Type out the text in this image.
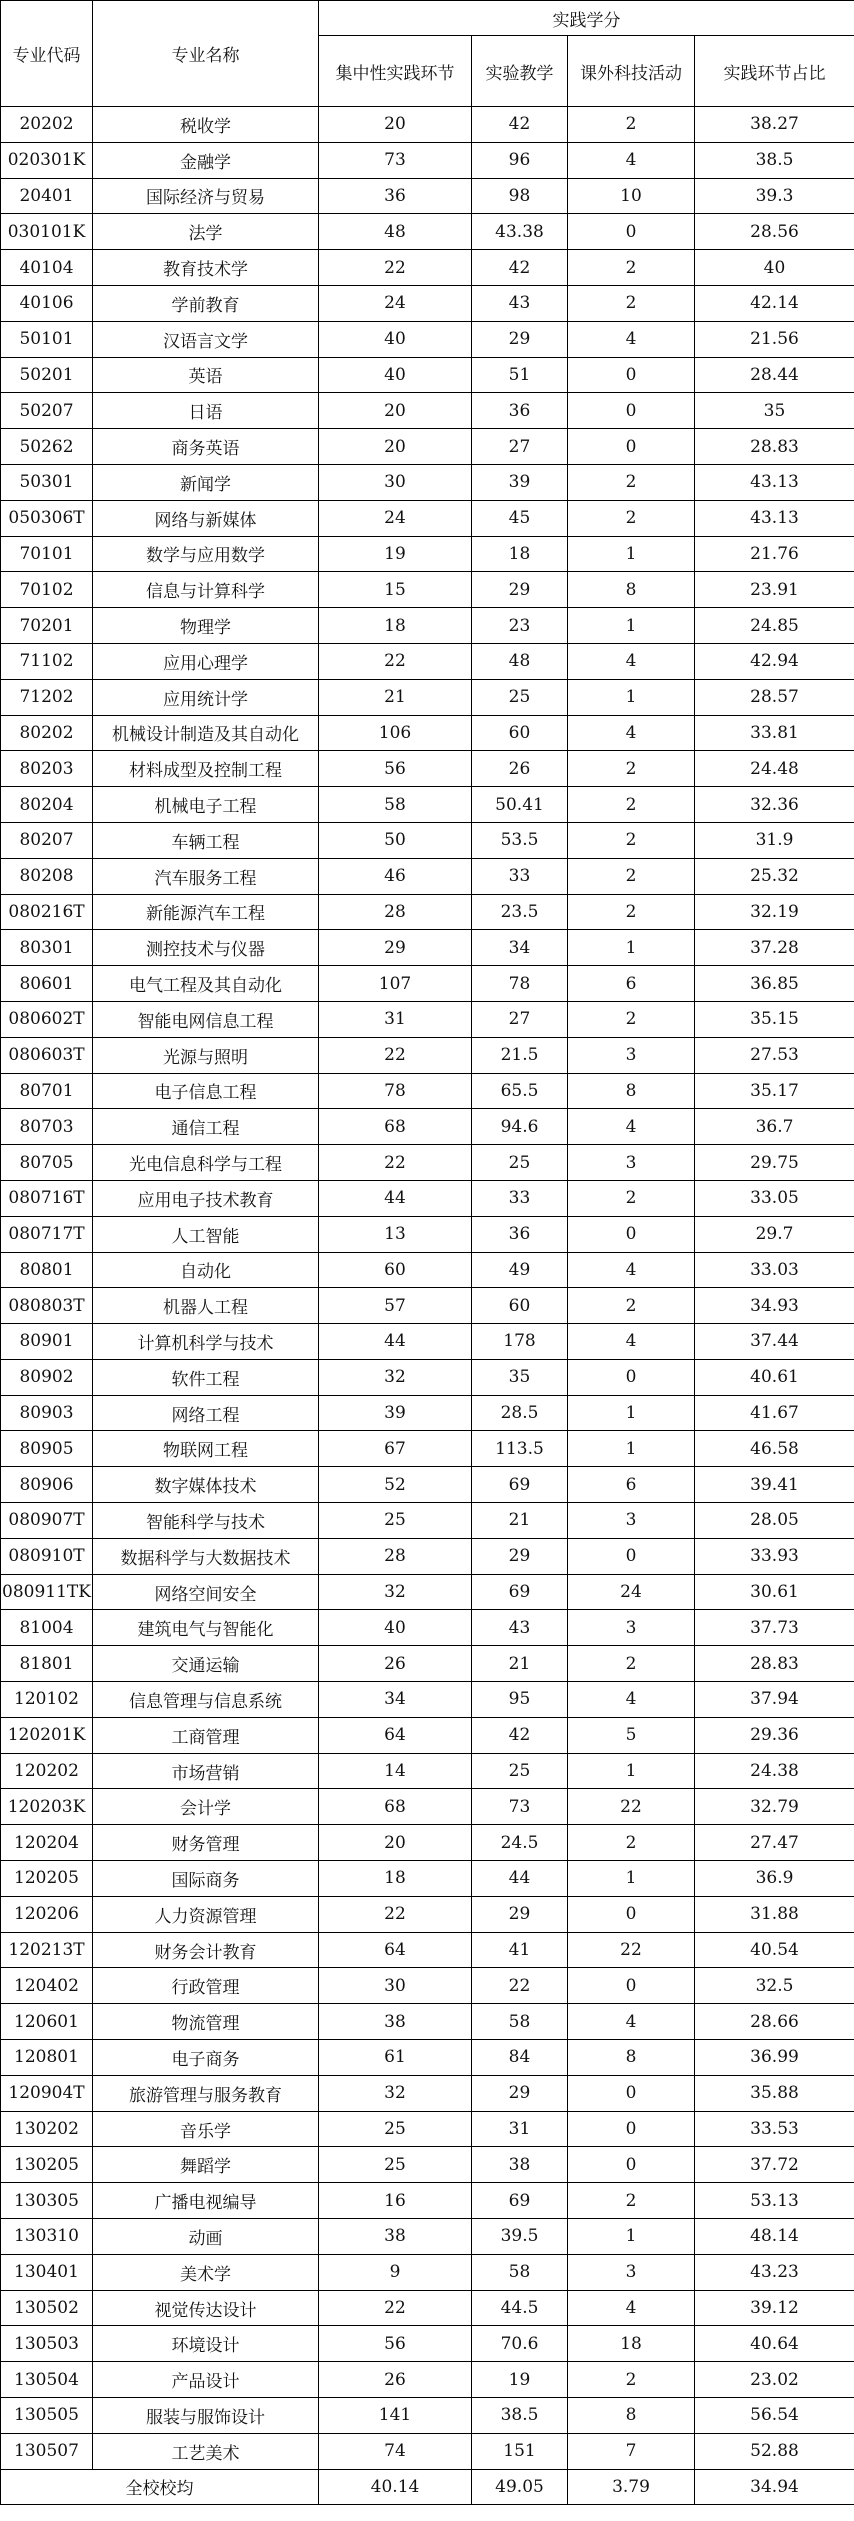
专业代码	专业名称	实践学分			
		集中性实践环节	实验教学	课外科技活动	实践环节占比
20202	税收学	20	42	2	38.27
020301K	金融学	73	96	4	38.5
20401	国际经济与贸易	36	98	10	39.3
030101K	法学	48	43.38	0	28.56
40104	教育技术学	22	42	2	40
40106	学前教育	24	43	2	42.14
50101	汉语言文学	40	29	4	21.56
50201	英语	40	51	0	28.44
50207	日语	20	36	0	35
50262	商务英语	20	27	0	28.83
50301	新闻学	30	39	2	43.13
050306T	网络与新媒体	24	45	2	43.13
70101	数学与应用数学	19	18	1	21.76
70102	信息与计算科学	15	29	8	23.91
70201	物理学	18	23	1	24.85
71102	应用心理学	22	48	4	42.94
71202	应用统计学	21	25	1	28.57
80202	机械设计制造及其自动化	106	60	4	33.81
80203	材料成型及控制工程	56	26	2	24.48
80204	机械电子工程	58	50.41	2	32.36
80207	车辆工程	50	53.5	2	31.9
80208	汽车服务工程	46	33	2	25.32
080216T	新能源汽车工程	28	23.5	2	32.19
80301	测控技术与仪器	29	34	1	37.28
80601	电气工程及其自动化	107	78	6	36.85
080602T	智能电网信息工程	31	27	2	35.15
080603T	光源与照明	22	21.5	3	27.53
80701	电子信息工程	78	65.5	8	35.17
80703	通信工程	68	94.6	4	36.7
80705	光电信息科学与工程	22	25	3	29.75
080716T	应用电子技术教育	44	33	2	33.05
080717T	人工智能	13	36	0	29.7
80801	自动化	60	49	4	33.03
080803T	机器人工程	57	60	2	34.93
80901	计算机科学与技术	44	178	4	37.44
80902	软件工程	32	35	0	40.61
80903	网络工程	39	28.5	1	41.67
80905	物联网工程	67	113.5	1	46.58
80906	数字媒体技术	52	69	6	39.41
080907T	智能科学与技术	25	21	3	28.05
080910T	数据科学与大数据技术	28	29	0	33.93
080911TK	网络空间安全	32	69	24	30.61
81004	建筑电气与智能化	40	43	3	37.73
81801	交通运输	26	21	2	28.83
120102	信息管理与信息系统	34	95	4	37.94
120201K	工商管理	64	42	5	29.36
120202	市场营销	14	25	1	24.38
120203K	会计学	68	73	22	32.79
120204	财务管理	20	24.5	2	27.47
120205	国际商务	18	44	1	36.9
120206	人力资源管理	22	29	0	31.88
120213T	财务会计教育	64	41	22	40.54
120402	行政管理	30	22	0	32.5
120601	物流管理	38	58	4	28.66
120801	电子商务	61	84	8	36.99
120904T	旅游管理与服务教育	32	29	0	35.88
130202	音乐学	25	31	0	33.53
130205	舞蹈学	25	38	0	37.72
130305	广播电视编导	16	69	2	53.13
130310	动画	38	39.5	1	48.14
130401	美术学	9	58	3	43.23
130502	视觉传达设计	22	44.5	4	39.12
130503	环境设计	56	70.6	18	40.64
130504	产品设计	26	19	2	23.02
130505	服装与服饰设计	141	38.5	8	56.54
130507	工艺美术	74	151	7	52.88
全校校均		40.14	49.05	3.79	34.94
